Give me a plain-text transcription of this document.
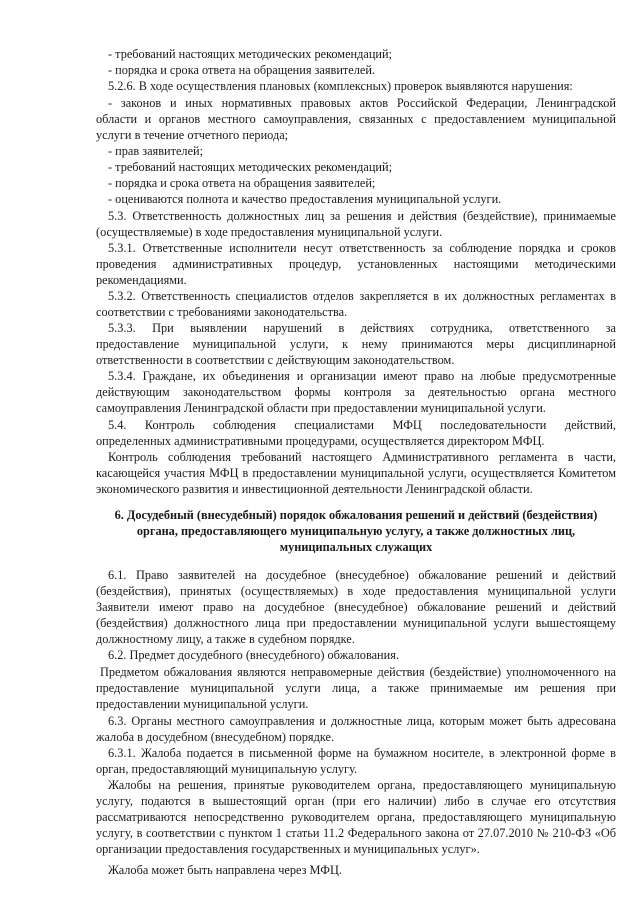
- требований настоящих методических рекомендаций;

- порядка и срока ответа на обращения заявителей.

5.2.6. В ходе осуществления плановых (комплексных) проверок выявляются нарушения:

- законов и иных нормативных правовых актов Российской Федерации, Ленинградской

области и органов местного самоуправления, связанных с предоставлением муниципальной

услуги в течение отчетного периода;

- прав заявителей;

- требований настоящих методических рекомендаций;

- порядка и срока ответа на обращения заявителей;

- оцениваются полнота и качество предоставления муниципальной услуги.

5.3. Ответственность должностных лиц за решения и действия (бездействие), принимаемые

(осуществляемые) в ходе предоставления муниципальной услуги.

5.3.1. Ответственные исполнители несут ответственность за соблюдение порядка и сроков

проведения административных процедур, установленных настоящими методическими

рекомендациями.

5.3.2. Ответственность специалистов отделов закрепляется в их должностных регламентах в

соответствии с требованиями законодательства.

5.3.3. При выявлении нарушений в действиях сотрудника, ответственного за

предоставление муниципальной услуги, к нему принимаются меры дисциплинарной

ответственности в соответствии с действующим законодательством.

5.3.4. Граждане, их объединения и организации имеют право на любые предусмотренные

действующим законодательством формы контроля за деятельностью органа местного

самоуправления Ленинградской области при предоставлении муниципальной услуги.

5.4. Контроль соблюдения специалистами МФЦ последовательности действий,

определенных административными процедурами, осуществляется директором МФЦ.

Контроль соблюдения требований настоящего Административного регламента в части,

касающейся участия МФЦ в предоставлении муниципальной услуги, осуществляется Комитетом

экономического развития и инвестиционной деятельности Ленинградской области.

6. Досудебный (внесудебный) порядок обжалования решений и действий (бездействия)

органа, предоставляющего муниципальную услугу, а также должностных лиц,

муниципальных служащих

6.1. Право заявителей на досудебное (внесудебное) обжалование решений и действий

(бездействия), принятых (осуществляемых) в ходе предоставления муниципальной услуги

Заявители имеют право на досудебное (внесудебное) обжалование решений и действий

(бездействия) должностного лица при предоставлении муниципальной услуги вышестоящему

должностному лицу, а также в судебном порядке.

6.2. Предмет досудебного (внесудебного) обжалования.

Предметом обжалования являются неправомерные действия (бездействие) уполномоченного на

предоставление муниципальной услуги лица, а также принимаемые им решения при

предоставлении муниципальной услуги.

6.3. Органы местного самоуправления и должностные лица, которым может быть адресована

жалоба в досудебном (внесудебном) порядке.

6.3.1. Жалоба подается в письменной форме на бумажном носителе, в электронной форме в

орган, предоставляющий муниципальную услугу.

Жалобы на решения, принятые руководителем органа, предоставляющего муниципальную

услугу, подаются в вышестоящий орган (при его наличии) либо в случае его отсутствия

рассматриваются непосредственно руководителем органа, предоставляющего муниципальную

услугу, в соответствии с пунктом 1 статьи 11.2 Федерального закона от 27.07.2010 № 210-ФЗ «Об

организации предоставления государственных и муниципальных услуг».

Жалоба может быть направлена через МФЦ.
